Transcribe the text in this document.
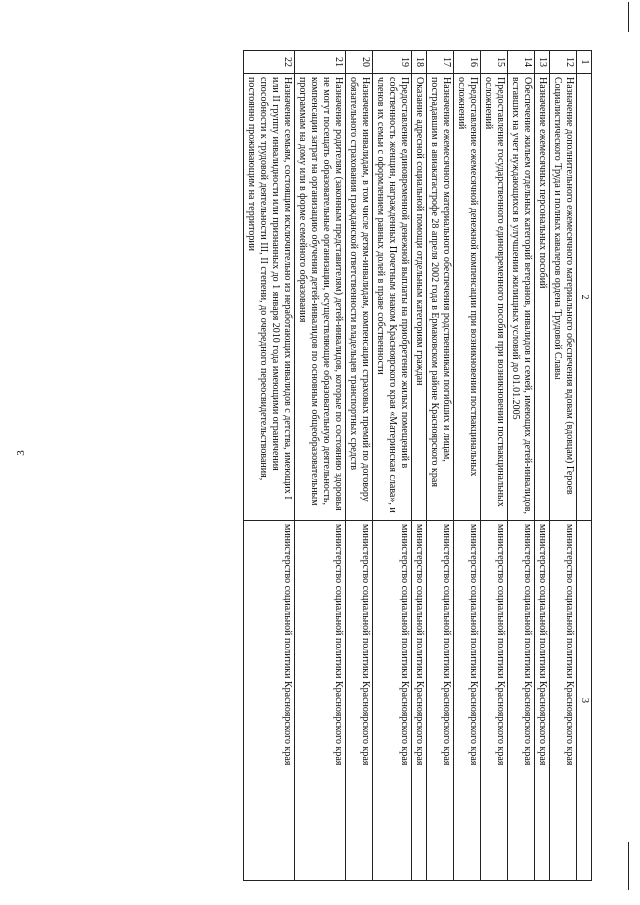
3
1	2	3
12	Назначение дополнительного ежемесячного материального обеспечения вдовам (вдовцам) Героев Социалистического Труда и полных кавалеров ордена Трудовой Славы	министерство социальной политики Красноярского края
13	Назначение ежемесячных персональных пособий	министерство социальной политики Красноярского края
14	Обеспечение жильем отдельных категорий ветеранов, инвалидов и семей, имеющих детей-инвалидов, вставших на учет нуждающихся в улучшении жилищных условий до 01.01.2005	министерство социальной политики Красноярского края
15	Предоставление государственного единовременного пособия при возникновении поствакцинальных осложнений	министерство социальной политики Красноярского края
16	Предоставление ежемесячной денежной компенсации при возникновении поствакцинальных осложнений	министерство социальной политики Красноярского края
17	Назначение ежемесячного материального обеспечения родственникам погибших и лицам, пострадавшим в авиакатастрофе 28 апреля 2002 года в Ермаковском районе Красноярского края	министерство социальной политики Красноярского края
18	Оказание адресной социальной помощи отдельным категориям граждан	министерство социальной политики Красноярского края
19	Предоставление единовременной денежной выплаты на приобретение жилых помещений в собственность женщин, награжденных Почетным знаком Красноярского края «Материнская слава», и членов их семьи с оформлением равных долей в праве собственности	министерство социальной политики Красноярского края
20	Назначение инвалидам, в том числе детям-инвалидам, компенсации страховых премий по договору обязательного страхования гражданской ответственности владельцев транспортных средств	министерство социальной политики Красноярского края
21	Назначение родителям (законным представителям) детей-инвалидов, которые по состоянию здоровья не могут посещать образовательные организации, осуществляющие образовательную деятельность, компенсации затрат на организацию обучения детей-инвалидов по основным общеобразовательным программам на дому или в форме семейного образования	министерство социальной политики Красноярского края
22	Назначение семьям, состоящим исключительно из неработающих инвалидов с детства, имеющих I или II группу инвалидности или признанных до 1 января 2010 года имеющими ограничения способности к трудовой деятельности III, II степени, до очередного переосвидетельствования, постоянно проживающим на территории	министерство социальной политики Красноярского края
